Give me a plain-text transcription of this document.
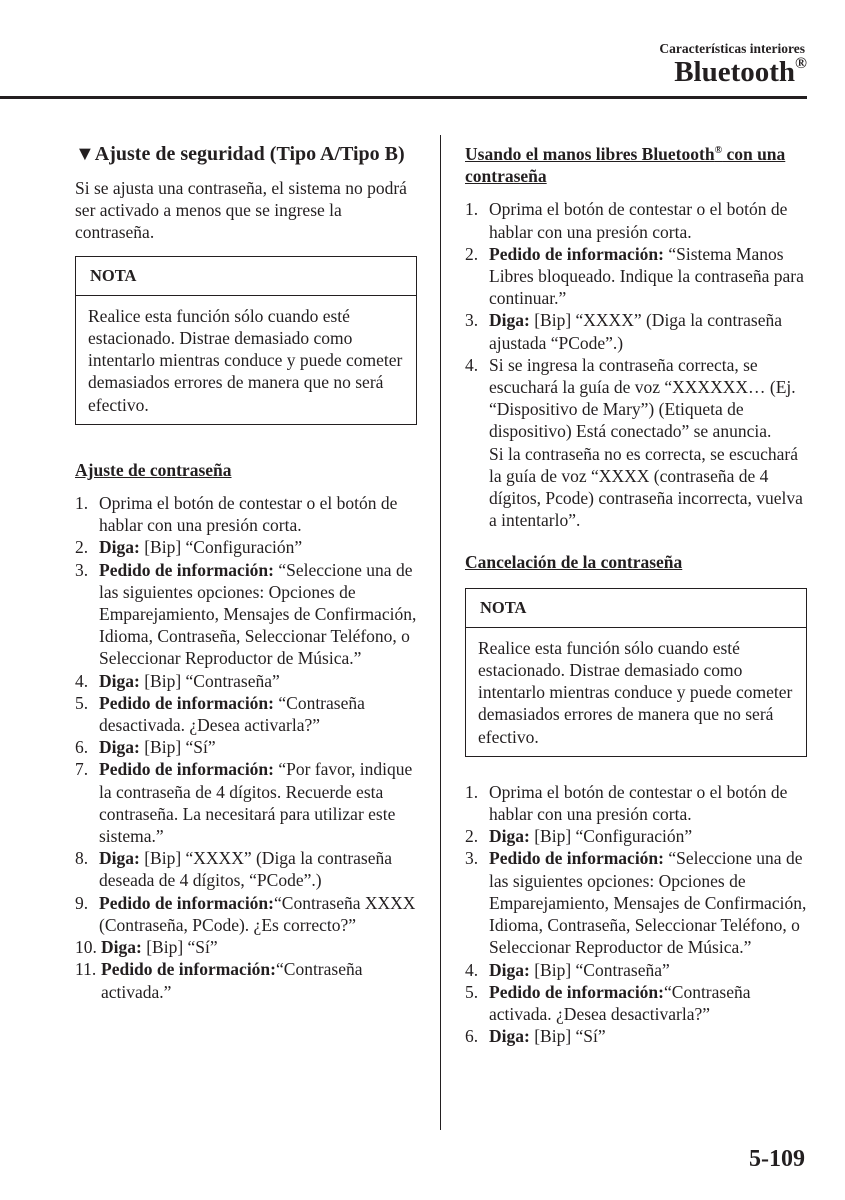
Características interiores
Bluetooth®
▼Ajuste de seguridad (Tipo A/Tipo B)

Si se ajusta una contraseña, el sistema no podrá ser activado a menos que se ingrese la contraseña.

NOTA
Realice esta función sólo cuando esté estacionado. Distrae demasiado como intentarlo mientras conduce y puede cometer demasiados errores de manera que no será efectivo.
Ajuste de contraseña
1. Oprima el botón de contestar o el botón de hablar con una presión corta.
2. Diga: [Bip] “Configuración”
3. Pedido de información: “Seleccione una de las siguientes opciones: Opciones de Emparejamiento, Mensajes de Confirmación, Idioma, Contraseña, Seleccionar Teléfono, o Seleccionar Reproductor de Música.”
4. Diga: [Bip] “Contraseña”
5. Pedido de información: “Contraseña desactivada. ¿Desea activarla?”
6. Diga: [Bip] “Sí”
7. Pedido de información: “Por favor, indique la contraseña de 4 dígitos. Recuerde esta contraseña. La necesitará para utilizar este sistema.”
8. Diga: [Bip] “XXXX” (Diga la contraseña deseada de 4 dígitos, “PCode”.)
9. Pedido de información:“Contraseña XXXX (Contraseña, PCode). ¿Es correcto?”
10. Diga: [Bip] “Sí”
11. Pedido de información:“Contraseña activada.”
Usando el manos libres Bluetooth® con una contraseña
1. Oprima el botón de contestar o el botón de hablar con una presión corta.
2. Pedido de información: “Sistema Manos Libres bloqueado. Indique la contraseña para continuar.”
3. Diga: [Bip] “XXXX” (Diga la contraseña ajustada “PCode”.)
4. Si se ingresa la contraseña correcta, se escuchará la guía de voz “XXXXXX… (Ej. “Dispositivo de Mary”) (Etiqueta de dispositivo) Está conectado” se anuncia.
Si la contraseña no es correcta, se escuchará la guía de voz “XXXX (contraseña de 4 dígitos, Pcode) contraseña incorrecta, vuelva a intentarlo”.
Cancelación de la contraseña
NOTA
Realice esta función sólo cuando esté estacionado. Distrae demasiado como intentarlo mientras conduce y puede cometer demasiados errores de manera que no será efectivo.
1. Oprima el botón de contestar o el botón de hablar con una presión corta.
2. Diga: [Bip] “Configuración”
3. Pedido de información: “Seleccione una de las siguientes opciones: Opciones de Emparejamiento, Mensajes de Confirmación, Idioma, Contraseña, Seleccionar Teléfono, o Seleccionar Reproductor de Música.”
4. Diga: [Bip] “Contraseña”
5. Pedido de información:“Contraseña activada. ¿Desea desactivarla?”
6. Diga: [Bip] “Sí”
5-109
